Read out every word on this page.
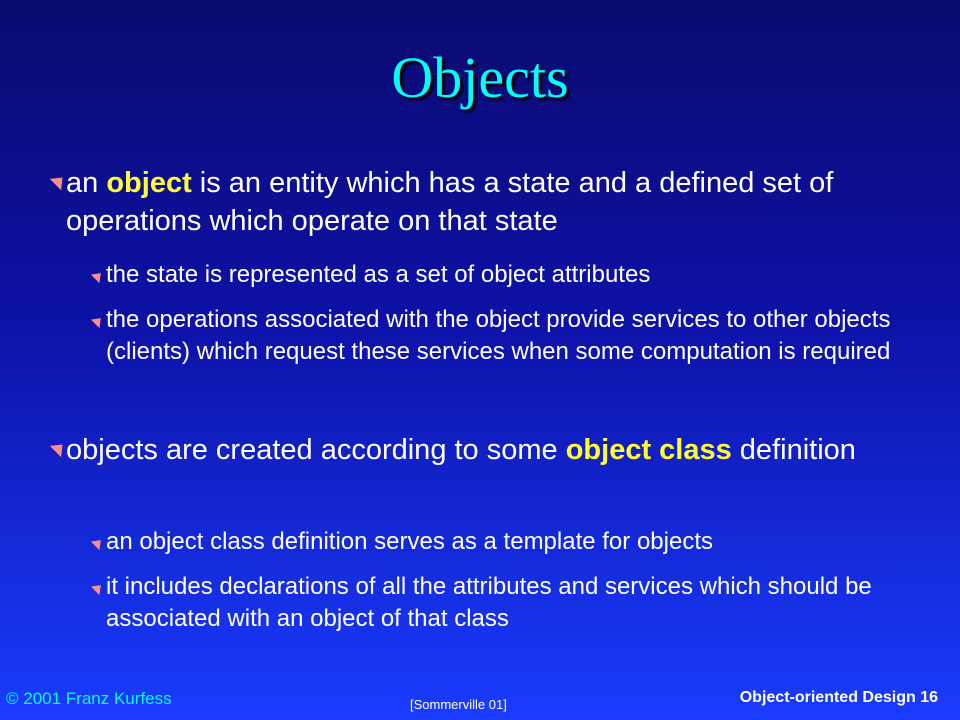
Objects
an object is an entity which has a state and a defined set of operations which operate on that state
the state is represented as a set of object attributes
the operations associated with the object provide services to other objects (clients) which request these services when some computation is required
objects are created according to some object class definition
an object class definition serves as a template for objects
it includes declarations of all the attributes and services which should be associated with an object of that class
© 2001 Franz Kurfess	[Sommerville 01]	Object-oriented Design 16
